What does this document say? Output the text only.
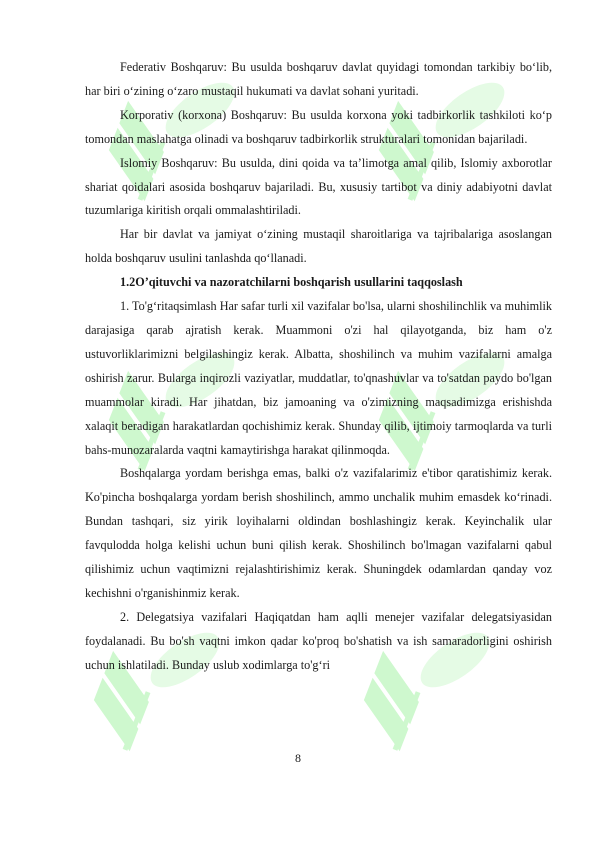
Federativ Boshqaruv: Bu usulda boshqaruv davlat quyidagi tomondan tarkibiy bo‘lib, har biri o‘zining o‘zaro mustaqil hukumati va davlat sohani yuritadi.

Korporativ (korxona) Boshqaruv: Bu usulda korxona yoki tadbirkorlik tashkiloti ko‘p tomondan maslahatga olinadi va boshqaruv tadbirkorlik strukturalari tomonidan bajariladi.

Islomiy Boshqaruv: Bu usulda, dini qoida va ta’limotga amal qilib, Islomiy axborotlar shariat qoidalari asosida boshqaruv bajariladi. Bu, xususiy tartibot va diniy adabiyotni davlat tuzumlariga kiritish orqali ommalashtiriladi.

Har bir davlat va jamiyat o‘zining mustaqil sharoitlariga va tajribalariga asoslangan holda boshqaruv usulini tanlashda qo‘llanadi.

1.2O’qituvchi va nazoratchilarni boshqarish usullarini taqqoslash

1. To'g‘ritaqsimlash Har safar turli xil vazifalar bo'lsa, ularni shoshilinchlik va muhimlik darajasiga qarab ajratish kerak. Muammoni o'zi hal qilayotganda, biz ham o'z ustuvorliklarimizni belgilashingiz kerak. Albatta, shoshilinch va muhim vazifalarni amalga oshirish zarur. Bularga inqirozli vaziyatlar, muddatlar, to'qnashuvlar va to'satdan paydo bo'lgan muammolar kiradi. Har jihatdan, biz jamoaning va o'zimizning maqsadimizga erishishda xalaqit beradigan harakatlardan qochishimiz kerak. Shunday qilib, ijtimoiy tarmoqlarda va turli bahs-munozaralarda vaqtni kamaytirishga harakat qilinmoqda.

Boshqalarga yordam berishga emas, balki o'z vazifalarimiz e'tibor qaratishimiz kerak. Ko'pincha boshqalarga yordam berish shoshilinch, ammo unchalik muhim emasdek ko‘rinadi. Bundan tashqari, siz yirik loyihalarni oldindan boshlashingiz kerak. Keyinchalik ular favqulodda holga kelishi uchun buni qilish kerak. Shoshilinch bo'lmagan vazifalarni qabul qilishimiz uchun vaqtimizni rejalashtirishimiz kerak. Shuningdek odamlardan qanday voz kechishni o'rganishinmiz kerak.

2. Delegatsiya vazifalari Haqiqatdan ham aqlli menejer vazifalar delegatsiyasidan foydalanadi. Bu bo'sh vaqtni imkon qadar ko'proq bo'shatish va ish samaradorligini oshirish uchun ishlatiladi. Bunday uslub xodimlarga to'g‘ri

8
